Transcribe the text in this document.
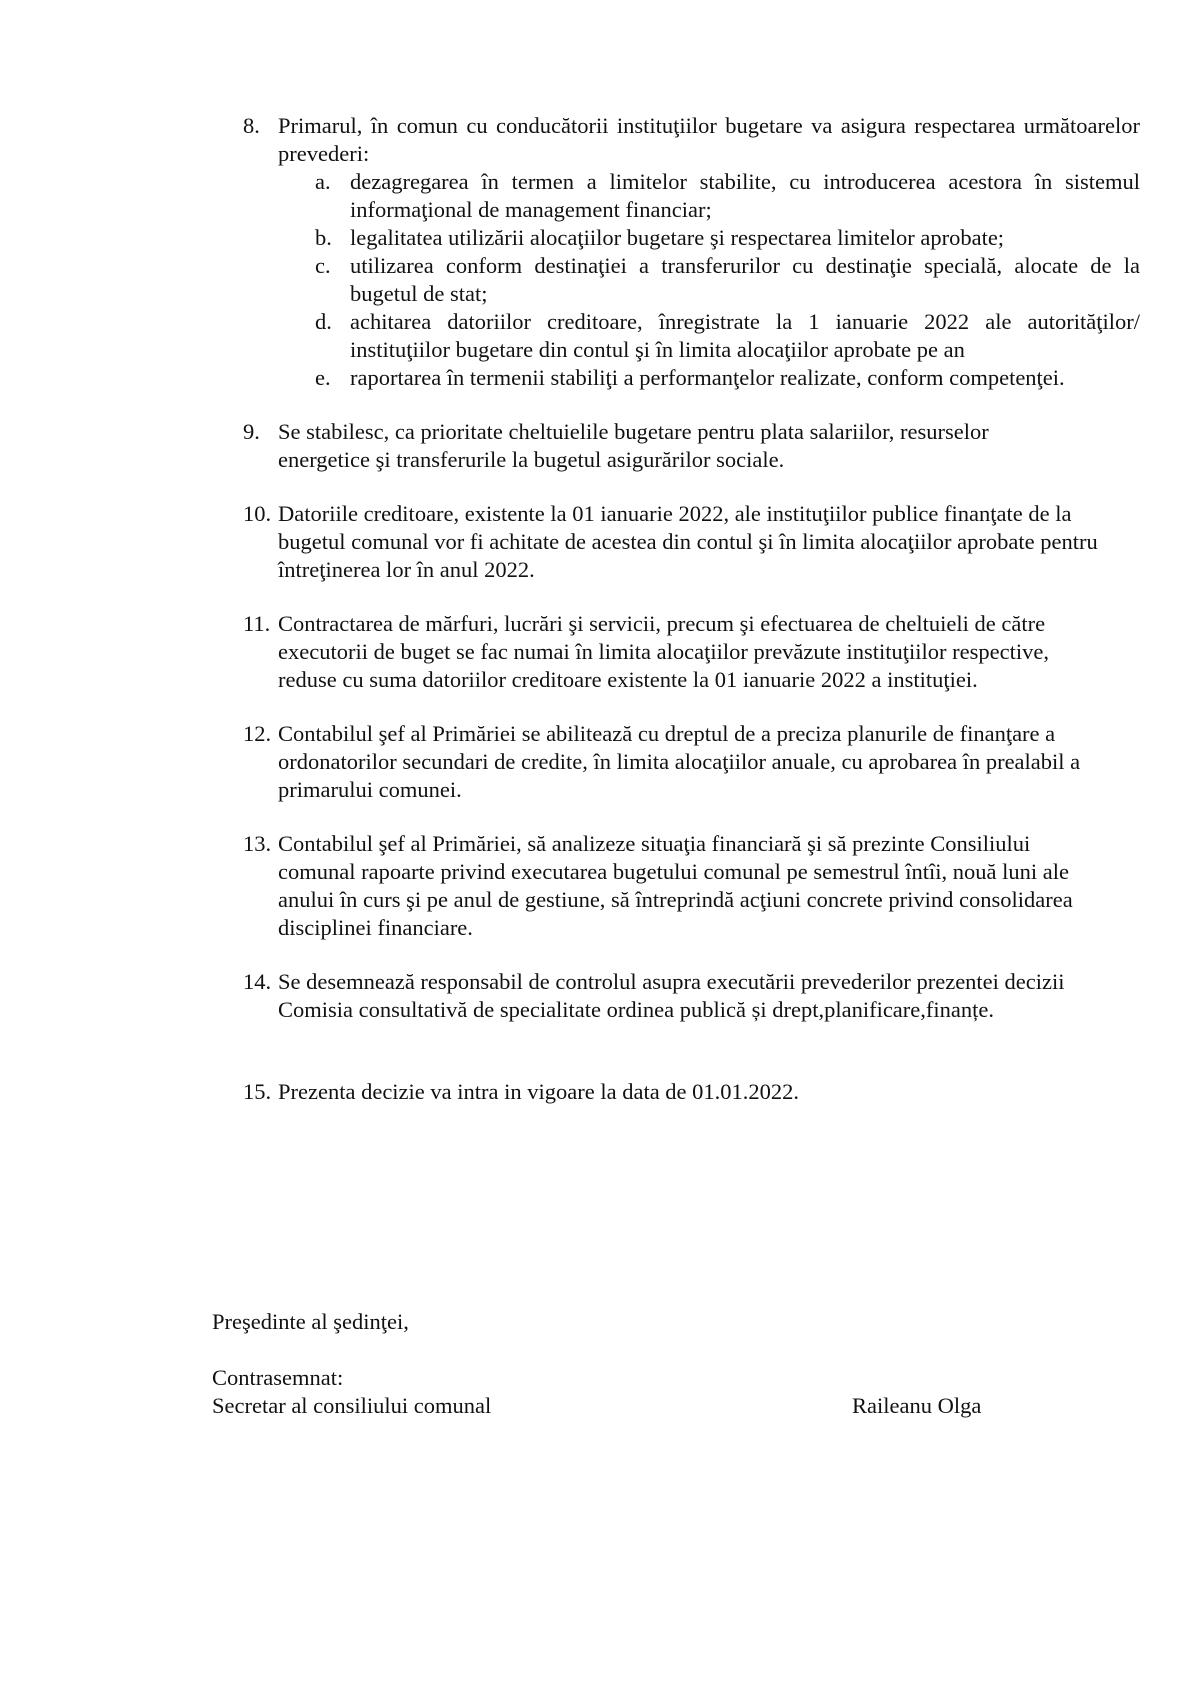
8. Primarul, în comun cu conducătorii instituţiilor bugetare va asigura respectarea următoarelor prevederi:
a. dezagregarea în termen a limitelor stabilite, cu introducerea acestora în sistemul informaţional de management financiar;
b. legalitatea utilizării alocaţiilor bugetare şi respectarea limitelor aprobate;
c. utilizarea conform destinaţiei a transferurilor cu destinaţie specială, alocate de la bugetul de stat;
d. achitarea datoriilor creditoare, înregistrate la 1 ianuarie 2022 ale autorităţilor/ instituţiilor bugetare din contul şi în limita alocaţiilor aprobate pe an
e. raportarea în termenii stabiliţi a performanţelor realizate, conform competenţei.
9. Se stabilesc, ca prioritate cheltuielile bugetare pentru plata salariilor, resurselor energetice şi transferurile la bugetul asigurărilor sociale.
10. Datoriile creditoare, existente la 01 ianuarie 2022, ale instituţiilor publice finanţate de la bugetul comunal vor fi achitate de acestea din contul şi în limita alocaţiilor aprobate pentru întreţinerea lor în anul 2022.
11. Contractarea de mărfuri, lucrări şi servicii, precum şi efectuarea de cheltuieli de către executorii de buget se fac numai în limita alocaţiilor prevăzute instituţiilor respective, reduse cu suma datoriilor creditoare existente la 01 ianuarie 2022 a instituţiei.
12. Contabilul şef al Primăriei se abilitează cu dreptul de a preciza planurile de finanţare a ordonatorilor secundari de credite, în limita alocaţiilor anuale, cu aprobarea în prealabil a primarului comunei.
13. Contabilul şef al Primăriei, să analizeze situaţia financiară şi să prezinte Consiliului comunal rapoarte privind executarea bugetului comunal pe semestrul întîi, nouă luni ale anului în curs şi pe anul de gestiune, să întreprindă acţiuni concrete privind consolidarea disciplinei financiare.
14. Se desemnează responsabil de controlul asupra executării prevederilor prezentei decizii Comisia consultativă de specialitate ordinea publică și drept,planificare,finanțe.
15. Prezenta decizie va intra in vigoare la data de 01.01.2022.
Preşedinte al şedinţei,
Contrasemnat:
Secretar al consiliului comunal	Raileanu Olga
